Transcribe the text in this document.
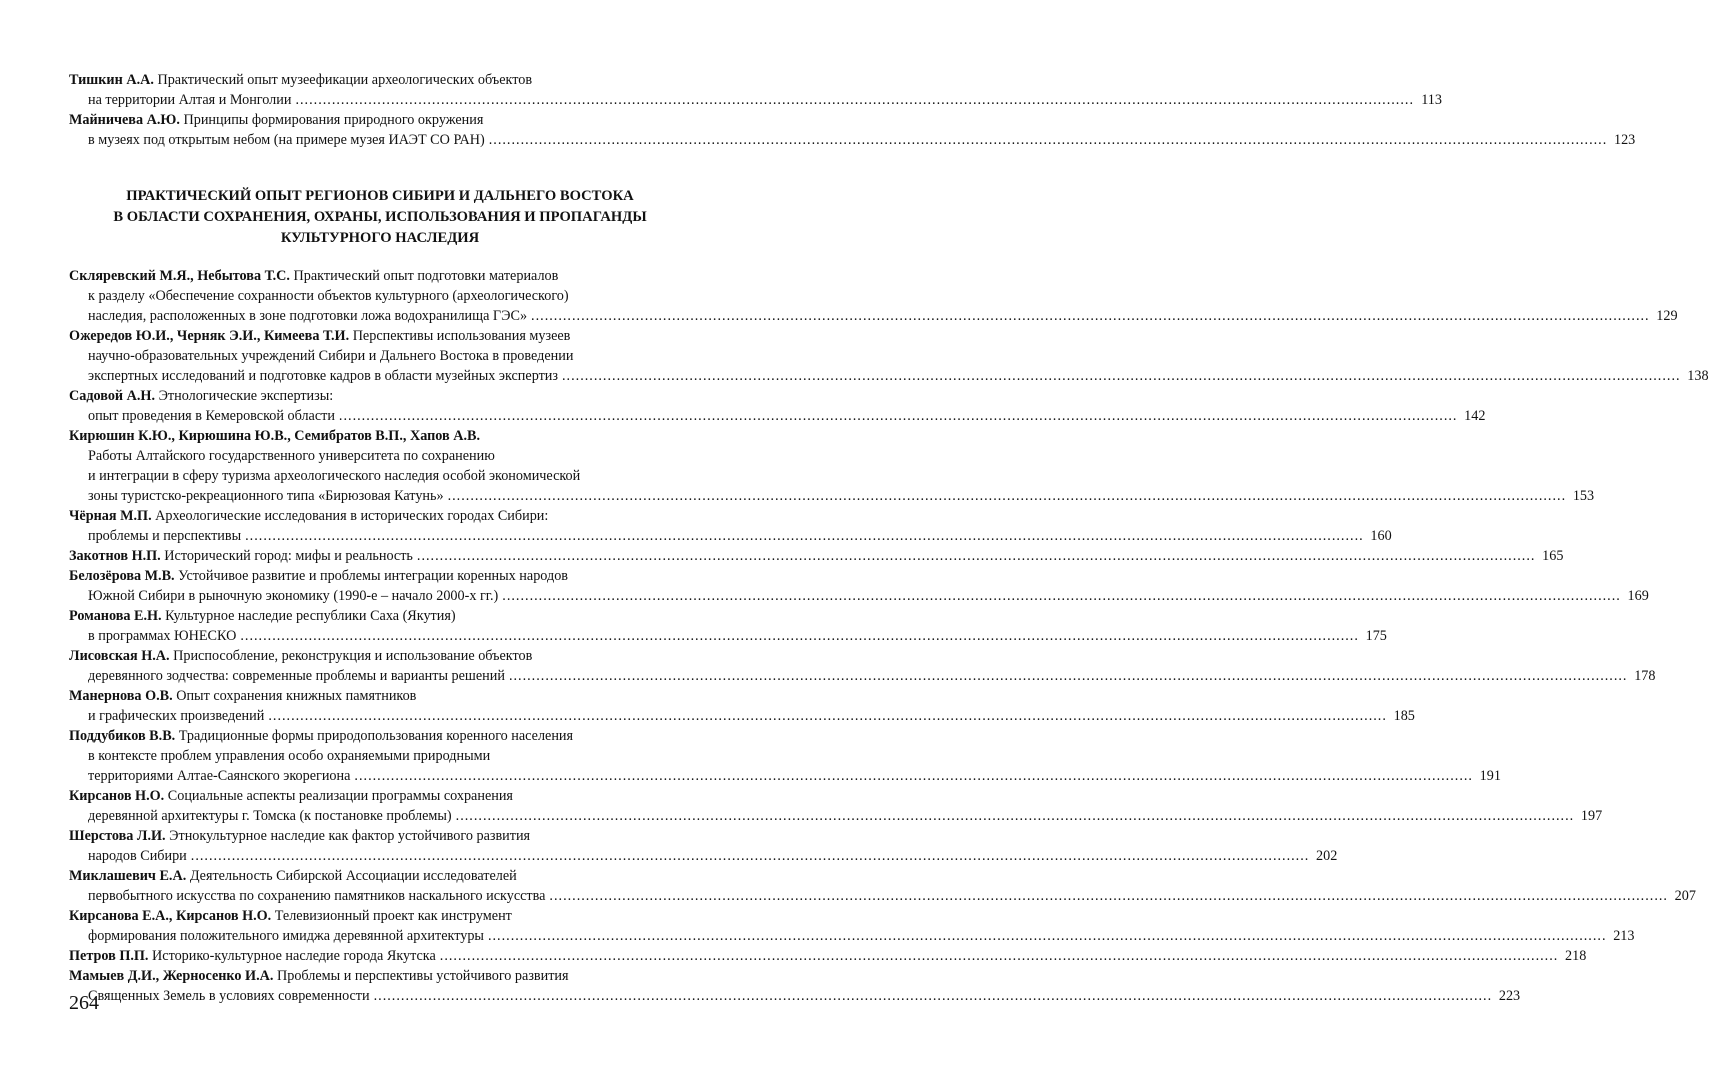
Тишкин А.А. Практический опыт музеефикации археологических объектов
на территории Алтая и Монголии .....	113
Майничева А.Ю. Принципы формирования природного окружения
в музеях под открытым небом (на примере музея ИАЭТ СО РАН) .....	123
ПРАКТИЧЕСКИЙ ОПЫТ РЕГИОНОВ СИБИРИ И ДАЛЬНЕГО ВОСТОКА
В ОБЛАСТИ СОХРАНЕНИЯ, ОХРАНЫ, ИСПОЛЬЗОВАНИЯ И ПРОПАГАНДЫ
КУЛЬТУРНОГО НАСЛЕДИЯ
Скляревский М.Я., Небытова Т.С. Практический опыт подготовки материалов
к разделу «Обеспечение сохранности объектов культурного (археологического)
наследия, расположенных в зоне подготовки ложа водохранилища ГЭС» .....	129
Ожередов Ю.И., Черняк Э.И., Кимеева Т.И. Перспективы использования музеев
научно-образовательных учреждений Сибири и Дальнего Востока в проведении
экспертных исследований и подготовке кадров в области музейных экспертиз .....	138
Садовой А.Н. Этнологические экспертизы:
опыт проведения в Кемеровской области .....	142
Кирюшин К.Ю., Кирюшина Ю.В., Семибратов В.П., Хапов А.В.
Работы Алтайского государственного университета по сохранению
и интеграции в сферу туризма археологического наследия особой экономической
зоны туристско-рекреационного типа «Бирюзовая Катунь» .....	153
Чёрная М.П. Археологические исследования в исторических городах Сибири:
проблемы и перспективы .....	160
Закотнов Н.П. Исторический город: мифы и реальность .....	165
Белозёрова М.В. Устойчивое развитие и проблемы интеграции коренных народов
Южной Сибири в рыночную экономику (1990-е – начало 2000-х гг.) .....	169
Романова Е.Н. Культурное наследие республики Саха (Якутия)
в программах ЮНЕСКО .....	175
Лисовская Н.А. Приспособление, реконструкция и использование объектов
деревянного зодчества: современные проблемы и варианты решений .....	178
Манернова О.В. Опыт сохранения книжных памятников
и графических произведений .....	185
Поддубиков В.В. Традиционные формы природопользования коренного населения
в контексте проблем управления особо охраняемыми природными
территориями Алтае-Саянского экорегиона .....	191
Кирсанов Н.О. Социальные аспекты реализации программы сохранения
деревянной архитектуры г. Томска (к постановке проблемы) .....	197
Шерстова Л.И. Этнокультурное наследие как фактор устойчивого развития
народов Сибири .....	202
Миклашевич Е.А. Деятельность Сибирской Ассоциации исследователей
первобытного искусства по сохранению памятников наскального искусства .....	207
Кирсанова Е.А., Кирсанов Н.О. Телевизионный проект как инструмент
формирования положительного имиджа деревянной архитектуры .....	213
Петров П.П. Историко-культурное наследие города Якутска .....	218
Мамыев Д.И., Жерносенко И.А. Проблемы и перспективы устойчивого развития
Священных Земель в условиях современности .....	223
264
